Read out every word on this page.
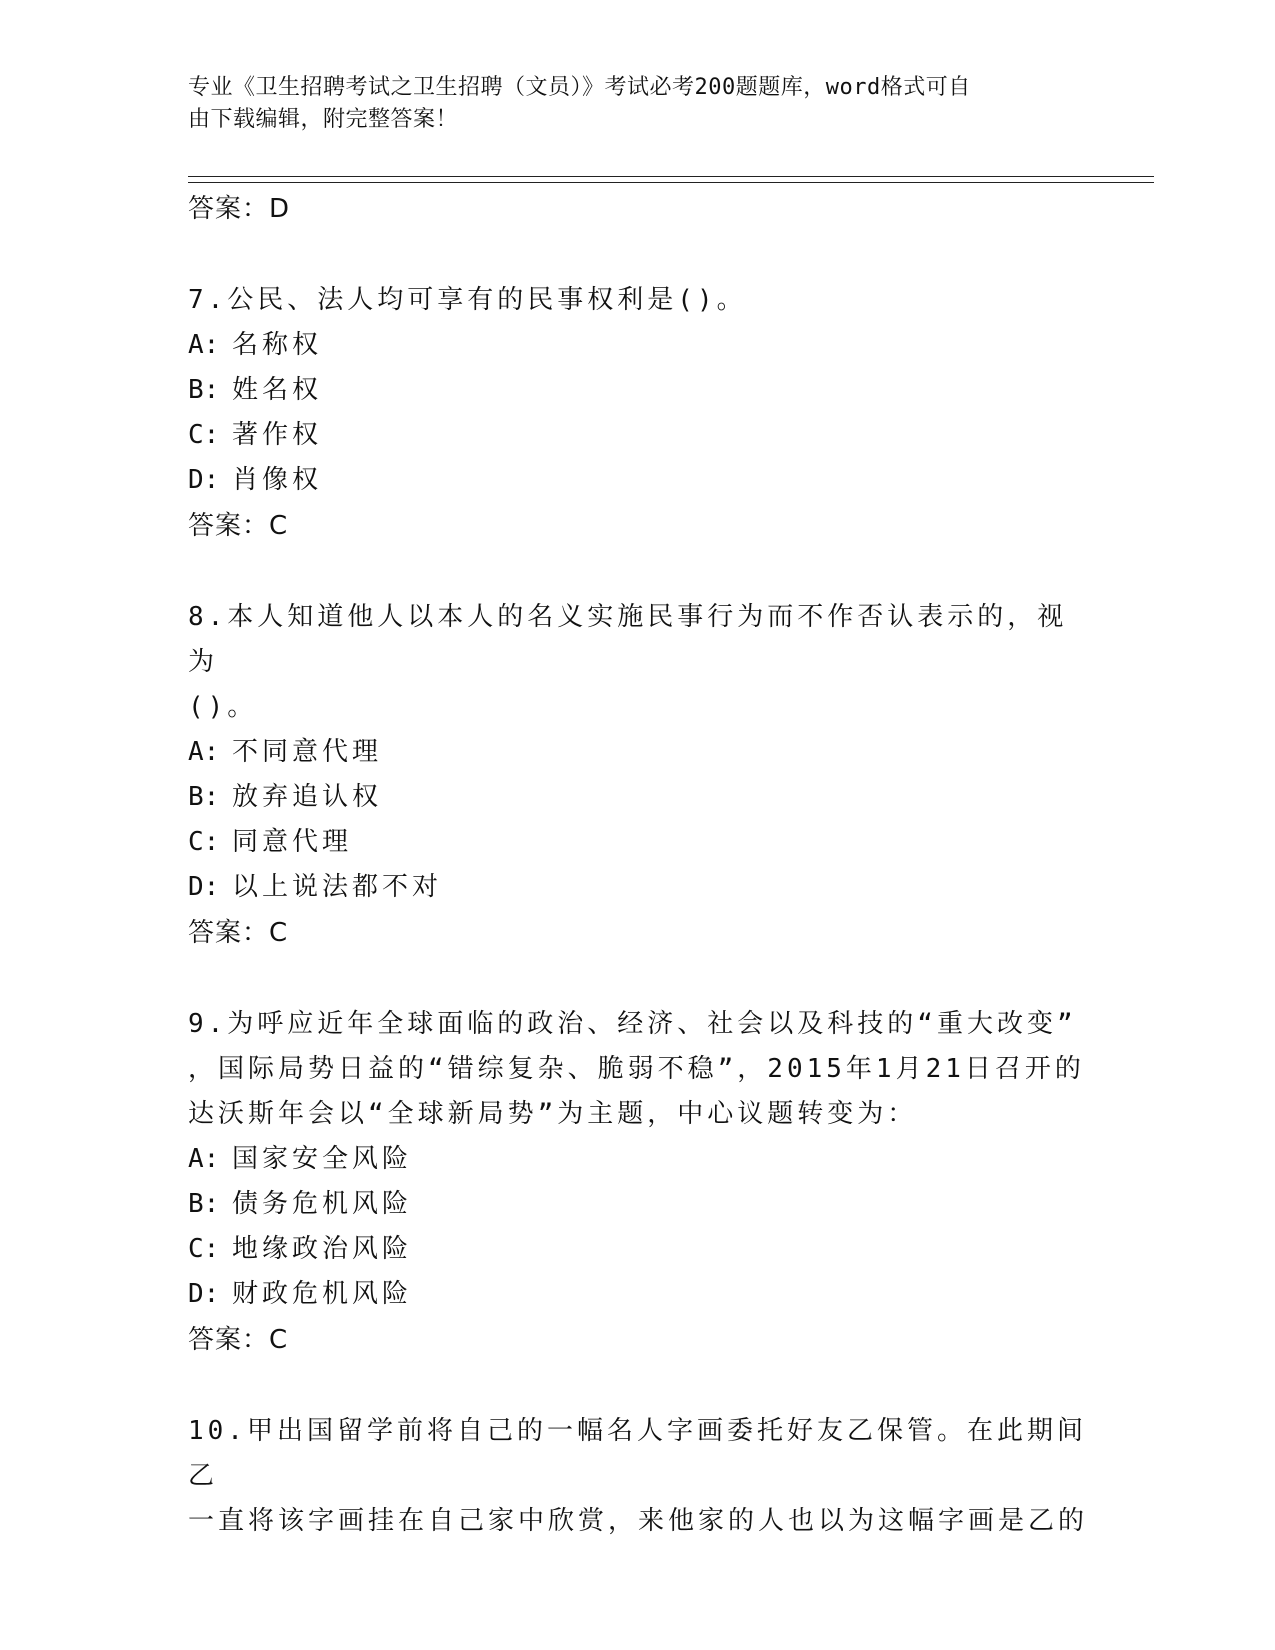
专业《卫生招聘考试之卫生招聘（文员）》考试必考200题题库，word格式可自
由下载编辑，附完整答案！
答案：D
7.公民、法人均可享有的民事权利是()。
A: 名称权
B: 姓名权
C: 著作权
D: 肖像权
答案：C
8.本人知道他人以本人的名义实施民事行为而不作否认表示的，视为
()。
A: 不同意代理
B: 放弃追认权
C: 同意代理
D: 以上说法都不对
答案：C
9.为呼应近年全球面临的政治、经济、社会以及科技的“重大改变”
，国际局势日益的“错综复杂、脆弱不稳”，2015年1月21日召开的
达沃斯年会以“全球新局势”为主题，中心议题转变为：
A: 国家安全风险
B: 债务危机风险
C: 地缘政治风险
D: 财政危机风险
答案：C
10.甲出国留学前将自己的一幅名人字画委托好友乙保管。在此期间乙
一直将该字画挂在自己家中欣赏，来他家的人也以为这幅字画是乙的
